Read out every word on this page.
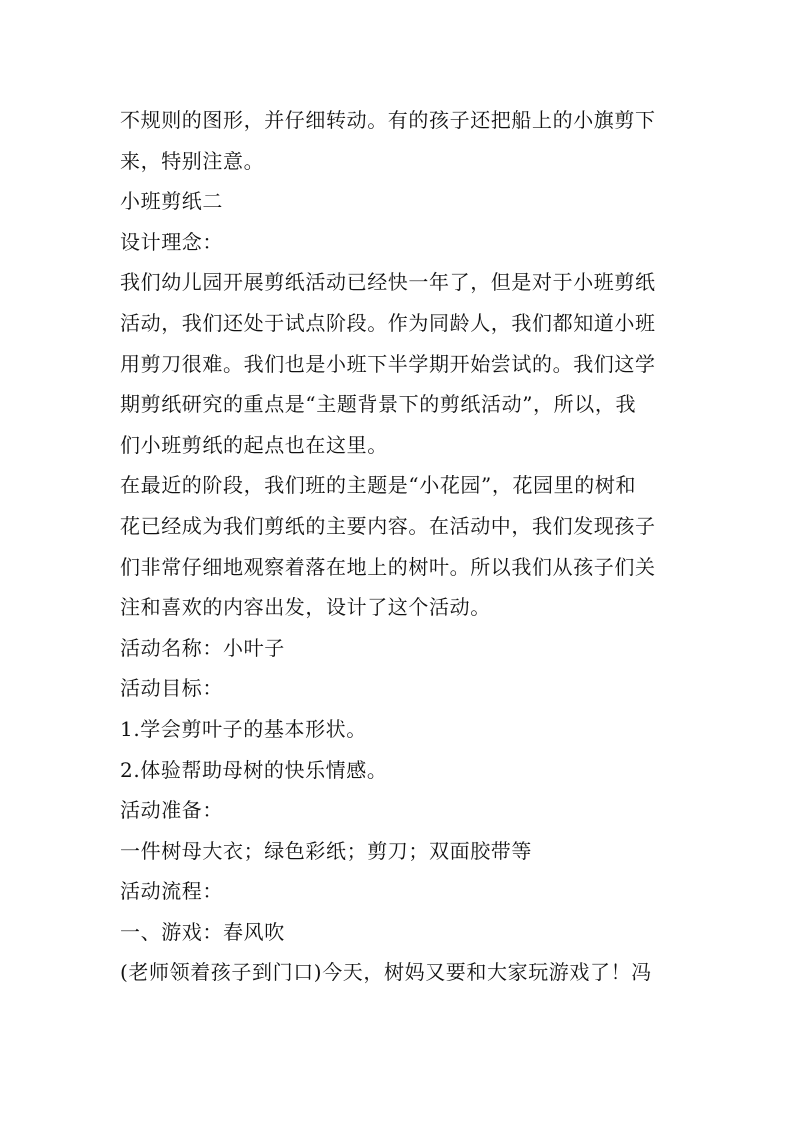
不规则的图形，并仔细转动。有的孩子还把船上的小旗剪下
来，特别注意。
小班剪纸二
设计理念：
我们幼儿园开展剪纸活动已经快一年了，但是对于小班剪纸
活动，我们还处于试点阶段。作为同龄人，我们都知道小班
用剪刀很难。我们也是小班下半学期开始尝试的。我们这学
期剪纸研究的重点是“主题背景下的剪纸活动”，所以，我
们小班剪纸的起点也在这里。
在最近的阶段，我们班的主题是“小花园”，花园里的树和
花已经成为我们剪纸的主要内容。在活动中，我们发现孩子
们非常仔细地观察着落在地上的树叶。所以我们从孩子们关
注和喜欢的内容出发，设计了这个活动。
活动名称：小叶子
活动目标：
1.学会剪叶子的基本形状。
2.体验帮助母树的快乐情感。
活动准备：
一件树母大衣；绿色彩纸；剪刀；双面胶带等
活动流程：
一、游戏：春风吹
(老师领着孩子到门口)今天，树妈又要和大家玩游戏了！冯
